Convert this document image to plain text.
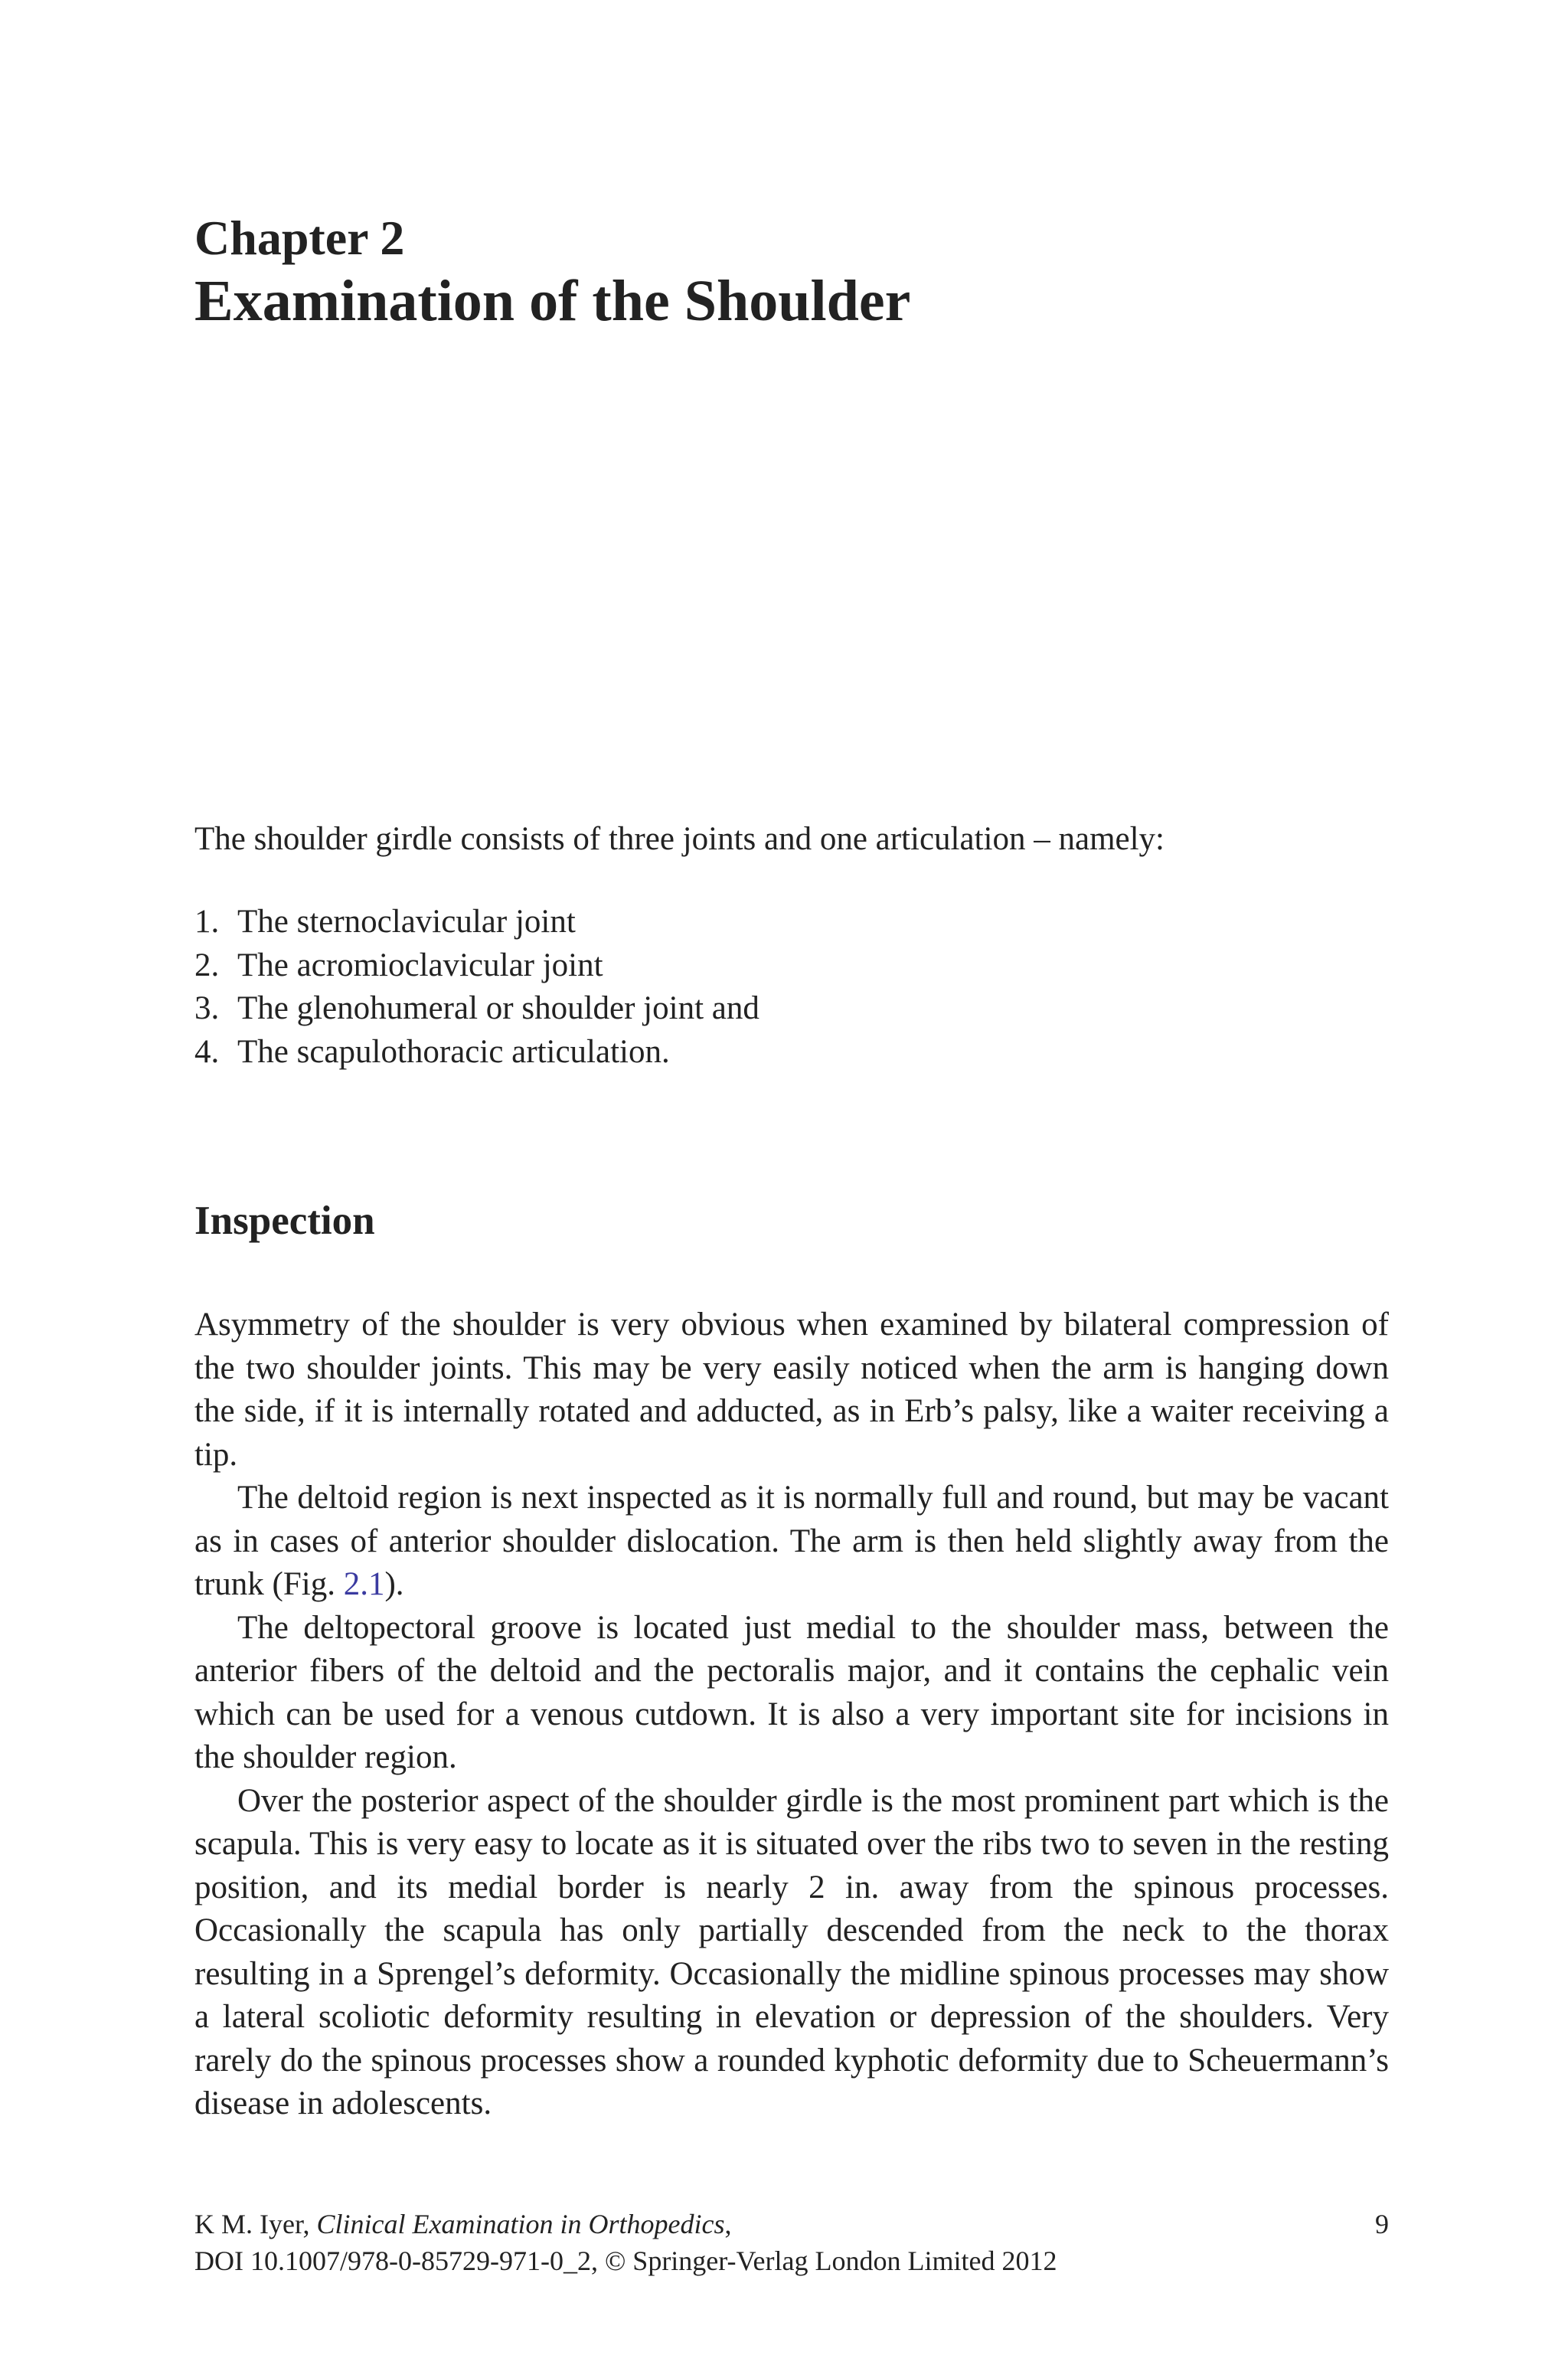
Chapter 2
Examination of the Shoulder
The shoulder girdle consists of three joints and one articulation – namely:
1. The sternoclavicular joint
2. The acromioclavicular joint
3. The glenohumeral or shoulder joint and
4. The scapulothoracic articulation.
Inspection

Asymmetry of the shoulder is very obvious when examined by bilateral compression of the two shoulder joints. This may be very easily noticed when the arm is hanging down the side, if it is internally rotated and adducted, as in Erb’s palsy, like a waiter receiving a tip.

The deltoid region is next inspected as it is normally full and round, but may be vacant as in cases of anterior shoulder dislocation. The arm is then held slightly away from the trunk (Fig. 2.1).

The deltopectoral groove is located just medial to the shoulder mass, between the anterior fibers of the deltoid and the pectoralis major, and it contains the cephalic vein which can be used for a venous cutdown. It is also a very important site for incisions in the shoulder region.

Over the posterior aspect of the shoulder girdle is the most prominent part which is the scapula. This is very easy to locate as it is situated over the ribs two to seven in the resting position, and its medial border is nearly 2 in. away from the spinous processes. Occasionally the scapula has only partially descended from the neck to the thorax resulting in a Sprengel’s deformity. Occasionally the midline spinous processes may show a lateral scoliotic deformity resulting in elevation or depression of the shoulders. Very rarely do the spinous processes show a rounded kyphotic deformity due to Scheuermann’s disease in adolescents.

K M. Iyer, Clinical Examination in Orthopedics,
DOI 10.1007/978-0-85729-971-0_2, © Springer-Verlag London Limited 2012
9
